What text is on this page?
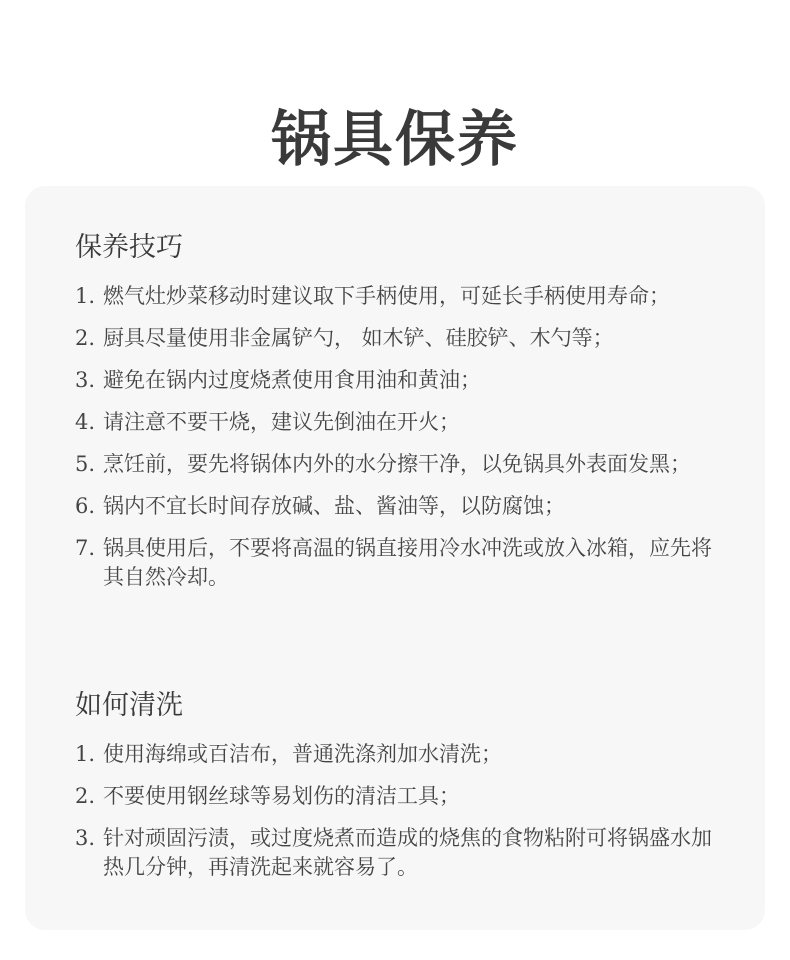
锅具保养
保养技巧
1. 燃气灶炒菜移动时建议取下手柄使用，可延长手柄使用寿命；
2. 厨具尽量使用非金属铲勺， 如木铲、硅胶铲、木勺等；
3. 避免在锅内过度烧煮使用食用油和黄油；
4. 请注意不要干烧，建议先倒油在开火；
5. 烹饪前，要先将锅体内外的水分擦干净，以免锅具外表面发黑；
6. 锅内不宜长时间存放碱、盐、酱油等，以防腐蚀；
7. 锅具使用后，不要将高温的锅直接用冷水冲洗或放入冰箱，应先将其自然冷却。
如何清洗
1. 使用海绵或百洁布，普通洗涤剂加水清洗；
2. 不要使用钢丝球等易划伤的清洁工具；
3. 针对顽固污渍，或过度烧煮而造成的烧焦的食物粘附可将锅盛水加热几分钟，再清洗起来就容易了。
